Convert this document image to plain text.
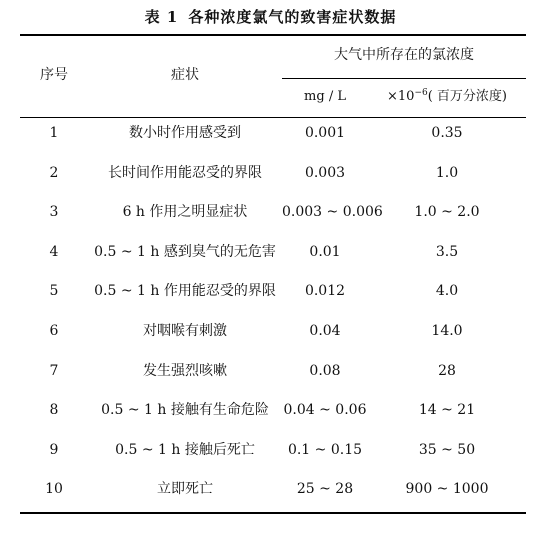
表 1 各种浓度氯气的致害症状数据
序号	症状
大气中所存在的氯浓度
mg / L	$\times 10^{-6}$( 百万分浓度)
1	数小时作用感受到	0.001	0.35
2	长时间作用能忍受的界限	0.003	1.0
3	6 h 作用之明显症状	0.003 ~ 0.006	1.0 ~ 2.0
4	0.5 ~ 1 h 感到臭气的无危害	0.01	3.5
5	0.5 ~ 1 h 作用能忍受的界限	0.012	4.0
6	对咽喉有刺激	0.04	14.0
7	发生强烈咳嗽	0.08	28
8	0.5 ~ 1 h 接触有生命危险	0.04 ~ 0.06	14 ~ 21
9	0.5 ~ 1 h 接触后死亡	0.1 ~ 0.15	35 ~ 50
10	立即死亡	25 ~ 28	900 ~ 1000
